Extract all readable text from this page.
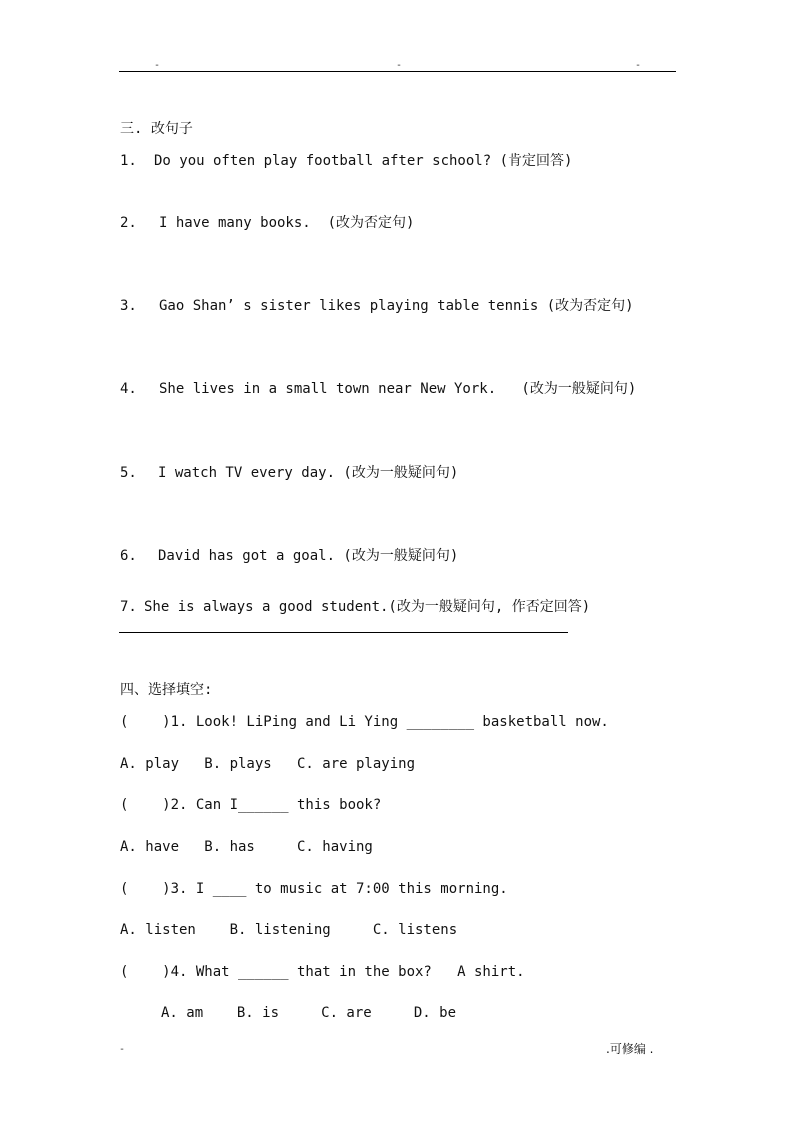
-	-	-
三. 改句子
1. Do you often play football after school? (肯定回答)
2. I have many books.  (改为否定句)
3. Gao Shan’ s sister likes playing table tennis (改为否定句)
4. She lives in a small town near New York.   (改为一般疑问句)
5. I watch TV every day. (改为一般疑问句)
6. David has got a goal. (改为一般疑问句)
7. She is always a good student.(改为一般疑问句, 作否定回答)
四、选择填空:
(    )1. Look! LiPing and Li Ying ________ basketball now.
A. play   B. plays   C. are playing
(    )2. Can I______ this book?
A. have   B. has     C. having
(    )3. I ____ to music at 7:00 this morning.
A. listen    B. listening     C. listens
(    )4. What ______ that in the box?   A shirt.
A. am    B. is     C. are     D. be
-	.可修编 .
